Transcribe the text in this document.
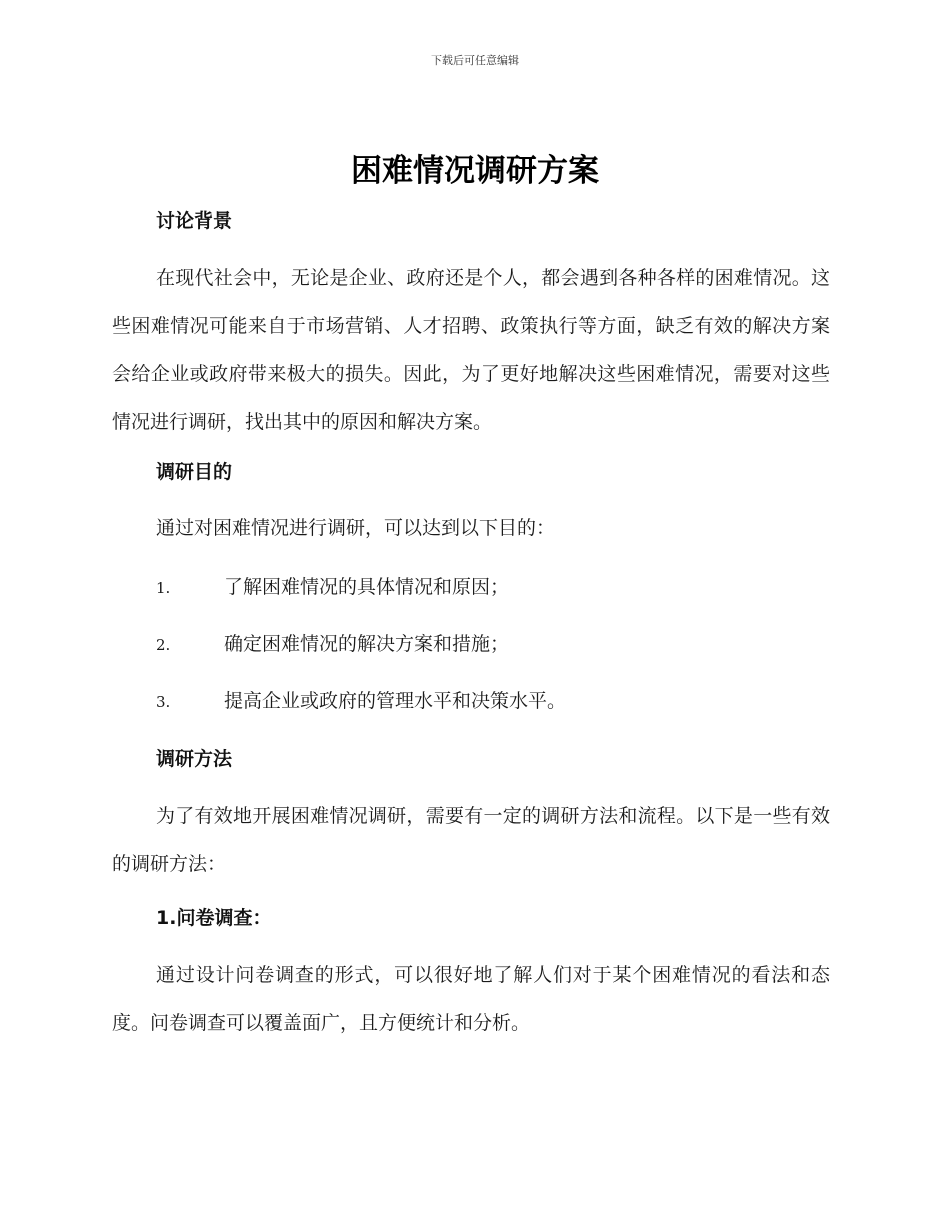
下载后可任意编辑
困难情况调研方案
讨论背景
在现代社会中，无论是企业、政府还是个人，都会遇到各种各样的困难情况。这些困难情况可能来自于市场营销、人才招聘、政策执行等方面，缺乏有效的解决方案会给企业或政府带来极大的损失。因此，为了更好地解决这些困难情况，需要对这些情况进行调研，找出其中的原因和解决方案。
调研目的
通过对困难情况进行调研，可以达到以下目的：
1.	了解困难情况的具体情况和原因；
2.	确定困难情况的解决方案和措施；
3.	提高企业或政府的管理水平和决策水平。
调研方法
为了有效地开展困难情况调研，需要有一定的调研方法和流程。以下是一些有效的调研方法：
1.问卷调查：
通过设计问卷调查的形式，可以很好地了解人们对于某个困难情况的看法和态度。问卷调查可以覆盖面广，且方便统计和分析。
